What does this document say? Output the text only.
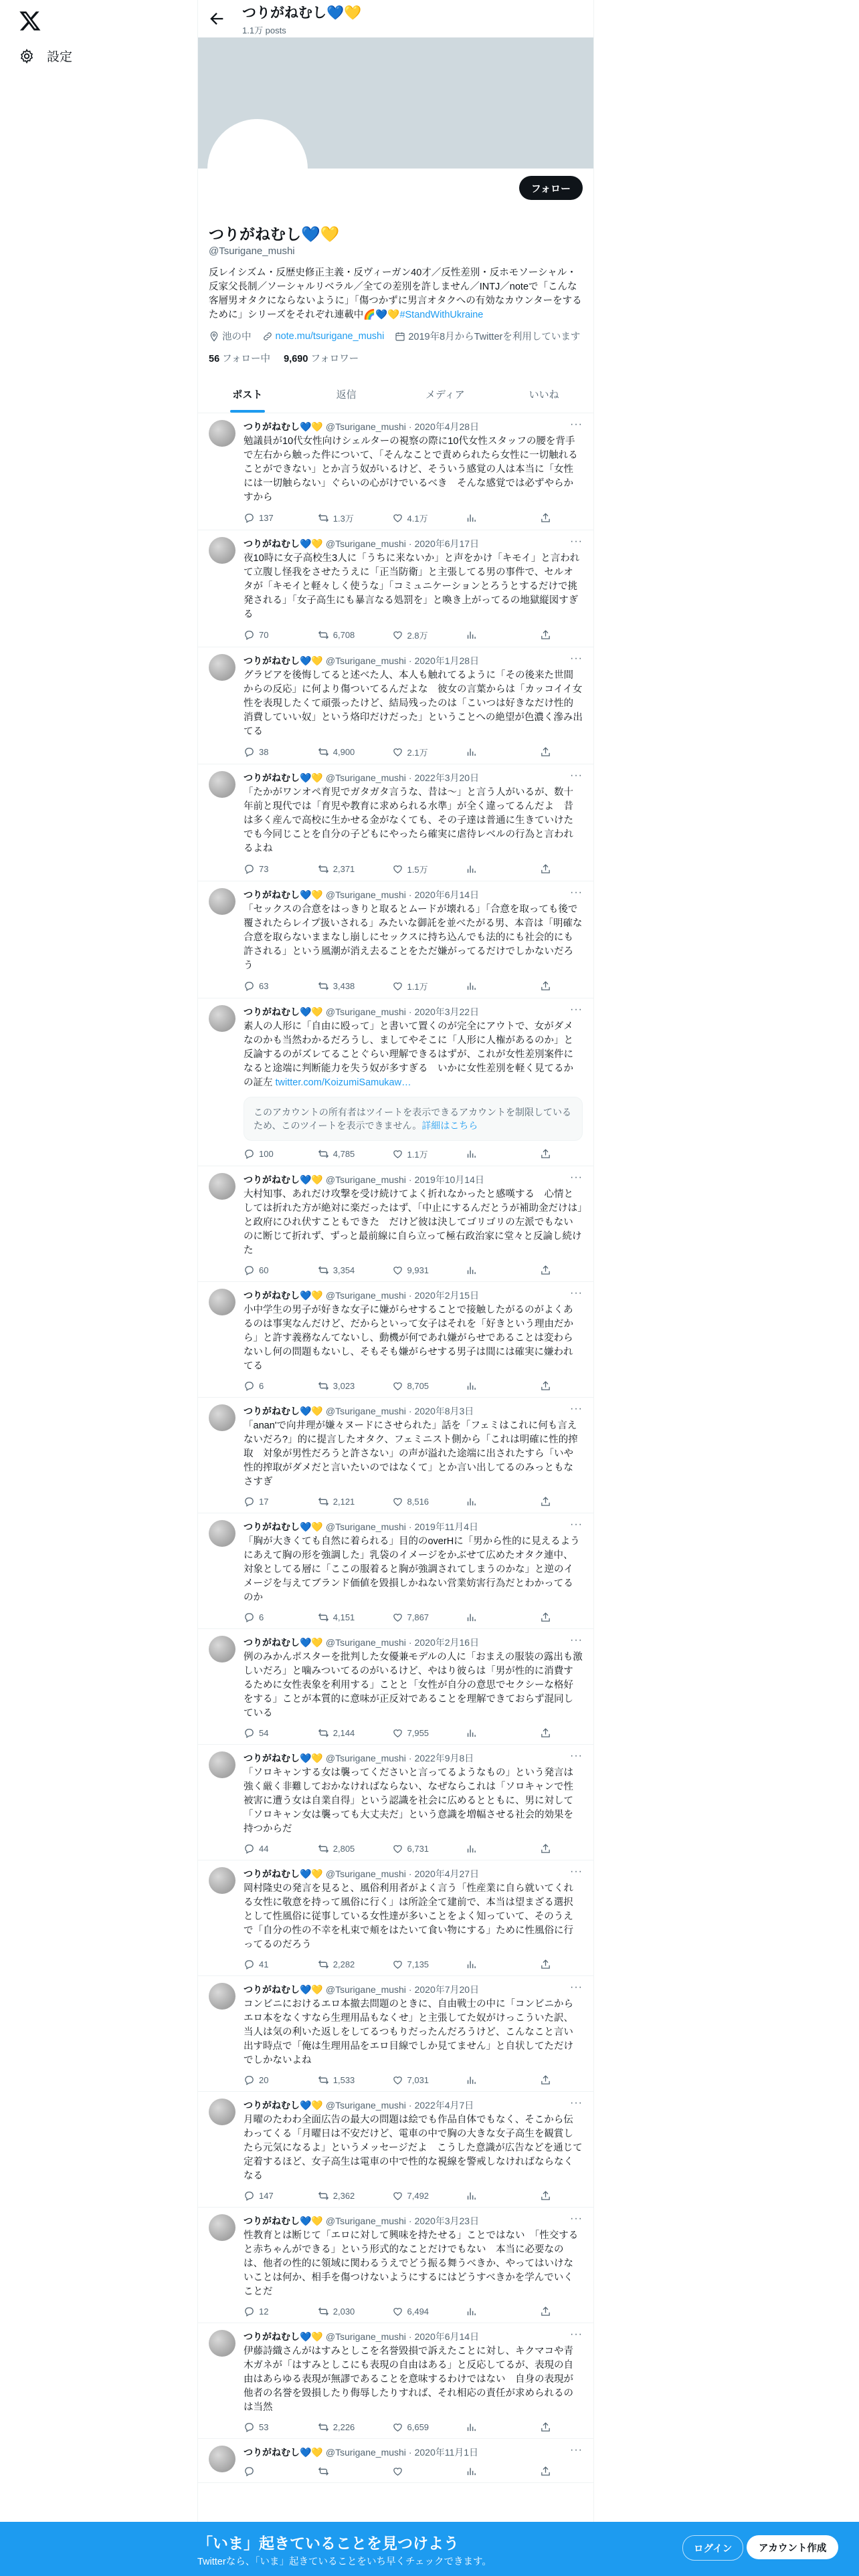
設定
つりがねむし💙💛
1.1万 posts
フォロー
つりがねむし💙💛
@Tsurigane_mushi
反レイシズム・反歴史修正主義・反ヴィーガン40才／反性差別・反ホモソーシャル・反家父長制／ソーシャルリベラル／全ての差別を許しません／INTJ／noteで「こんな客層男オタクにならないように」「傷つかずに男言オタクへの有効なカウンターをするために」シリーズをそれぞれ連載中🌈💙💛#StandWithUkraine
池の中 note.mu/tsurigane_mushi 2019年8月からTwitterを利用しています
56 フォロー中 9,690 フォロワー
ポスト	返信	メディア	いいね
つりがねむし💙💛 @Tsurigane_mushi · 2020年4月28日	···
勉議員が10代女性向けシェルターの視察の際に10代女性スタッフの腰を背手で左右から触った件について、「そんなことで責められたら女性に一切触れることができない」とか言う奴がいるけど、そういう感覚の人は本当に「女性には一切触らない」ぐらいの心がけでいるべき　そんな感覚では必ずやらかすから
137	1.3万	4.1万
つりがねむし💙💛 @Tsurigane_mushi · 2020年6月17日	···
夜10時に女子高校生3人に「うちに来ないか」と声をかけ「キモイ」と言われて立腹し怪我をさせたうえに「正当防衛」と主張してる男の事件で、セルオタが「キモイと軽々しく使うな」「コミュニケーションとろうとするだけで挑発される」「女子高生にも暴言なる処罰を」と喚き上がってるの地獄縦図すぎる
70	6,708	2.8万
つりがねむし💙💛 @Tsurigane_mushi · 2020年1月28日	···
グラビアを後悔してると述べた人、本人も触れてるように「その後来た世間からの反応」に何より傷ついてるんだよな　彼女の言葉からは「カッコイイ女性を表現したくて頑張ったけど、結局残ったのは「こいつは好きなだけ性的消費していい奴」という烙印だけだった」ということへの絶望が色濃く滲み出てる
38	4,900	2.1万
つりがねむし💙💛 @Tsurigane_mushi · 2022年3月20日	···
「たかがワンオペ育児でガタガタ言うな、昔は〜」と言う人がいるが、数十年前と現代では「育児や教育に求められる水準」が全く違ってるんだよ　昔は多く産んで高校に生かせる金がなくても、その子達は普通に生きていけたでも今同じことを自分の子どもにやったら確実に虐待レベルの行為と言われるよね
73	2,371	1.5万
つりがねむし💙💛 @Tsurigane_mushi · 2020年6月14日	···
「セックスの合意をはっきりと取るとムードが壊れる」「合意を取っても後で覆されたらレイプ扱いされる」みたいな御託を並べたがる男、本音は「明確な合意を取らないままなし崩しにセックスに持ち込んでも法的にも社会的にも許される」という風潮が消え去ることをただ嫌がってるだけでしかないだろう
63	3,438	1.1万
つりがねむし💙💛 @Tsurigane_mushi · 2020年3月22日	···
素人の人形に「自由に殴って」と書いて置くのが完全にアウトで、女がダメなのかも当然わかるだろうし、ましてやそこに「人形に人権があるのか」と反論するのがズレてることぐらい理解できるはずが、これが女性差別案件になると途端に判断能力を失う奴が多すぎる　いかに女性差別を軽く見てるかの証左 twitter.com/KoizumiSamukaw…
このアカウントの所有者はツイートを表示できるアカウントを制限しているため、このツイートを表示できません。詳細はこちら
100	4,785	1.1万
つりがねむし💙💛 @Tsurigane_mushi · 2019年10月14日	···
大村知事、あれだけ攻撃を受け続けてよく折れなかったと感嘆する　心情としては折れた方が絶対に楽だったはず、「中止にするんだとうが補助金だけは」と政府にひれ伏すこともできた　だけど彼は決してゴリゴリの左派でもないのに断じて折れず、ずっと最前線に自ら立って極右政治家に堂々と反論し続けた
60	3,354	9,931
つりがねむし💙💛 @Tsurigane_mushi · 2020年2月15日	···
小中学生の男子が好きな女子に嫌がらせすることで接触したがるのがよくあるのは事実なんだけど、だからといって女子はそれを「好きという理由だから」と許す義務なんてないし、動機が何であれ嫌がらせであることは変わらないし何の問題もないし、そもそも嫌がらせする男子は間には確実に嫌われてる
6	3,023	8,705
つりがねむし💙💛 @Tsurigane_mushi · 2020年8月3日	···
「anan'で向井理が嫌々ヌードにさせられた」話を「フェミはこれに何も言えないだろ?」的に提言したオタク、フェミニスト側から「これは明確に性的搾取　対象が男性だろうと許さない」の声が溢れた途端に出されたすら「いや性的搾取がダメだと言いたいのではなくて」とか言い出してるのみっともなさすぎ
17	2,121	8,516
つりがねむし💙💛 @Tsurigane_mushi · 2019年11月4日	···
「胸が大きくても自然に着られる」目的のoverHに「男から性的に見えるようにあえて胸の形を強調した」乳袋のイメージをかぶせて広めたオタク連中、対象としてる層に「ここの服着ると胸が強調されてしまうのかな」と逆のイメージを与えてブランド価値を毀損しかねない営業妨害行為だとわかってるのか
6	4,151	7,867
つりがねむし💙💛 @Tsurigane_mushi · 2020年2月16日	···
例のみかんポスターを批判した女優兼モデルの人に「おまえの服装の露出も激しいだろ」と噛みついてるのがいるけど、やはり彼らは「男が性的に消費するために女性表象を利用する」ことと「女性が自分の意思でセクシーな格好をする」ことが本質的に意味が正反対であることを理解できておらず混同している
54	2,144	7,955
つりがねむし💙💛 @Tsurigane_mushi · 2022年9月8日	···
「ソロキャンする女は襲ってくださいと言ってるようなもの」という発言は強く厳く非難しておかなければならない、なぜならこれは「ソロキャンで性被害に遭う女は自業自得」という認識を社会に広めるとともに、男に対して「ソロキャン女は襲っても大丈夫だ」という意識を増幅させる社会的効果を持つからだ
44	2,805	6,731
つりがねむし💙💛 @Tsurigane_mushi · 2020年4月27日	···
岡村隆史の発言を見ると、風俗利用者がよく言う「性産業に自ら就いてくれる女性に敬意を持って風俗に行く」は所詮全て建前で、本当は望まざる選択として性風俗に従事している女性達が多いことをよく知っていて、そのうえで「自分の性の不幸を札束で頬をはたいて食い物にする」ために性風俗に行ってるのだろう
41	2,282	7,135
つりがねむし💙💛 @Tsurigane_mushi · 2020年7月20日	···
コンビニにおけるエロ本撤去問題のときに、自由戦士の中に「コンビニからエロ本をなくすなら生理用品もなくせ」と主張してた奴がけっこういた訳、当人は気の利いた返しをしてるつもりだったんだろうけど、こんなこと言い出す時点で「俺は生理用品をエロ目線でしか見てません」と自状してただけでしかないよね
20	1,533	7,031
つりがねむし💙💛 @Tsurigane_mushi · 2022年4月7日	···
月曜のたわわ全面広告の最大の問題は絵でも作品自体でもなく、そこから伝わってくる「月曜日は不安だけど、電車の中で胸の大きな女子高生を観賞したら元気になるよ」というメッセージだよ　こうした意識が広告などを通じて定着するほど、女子高生は電車の中で性的な視線を警戒しなければならなくなる
147	2,362	7,492
つりがねむし💙💛 @Tsurigane_mushi · 2020年3月23日	···
性教育とは断じて「エロに対して興味を持たせる」ことではない　「性交すると赤ちゃんができる」という形式的なことだけでもない　本当に必要なのは、他者の性的に領域に関わるうえでどう振る舞うべきか、やってはいけないことは何か、相手を傷つけないようにするにはどうすべきかを学んでいくことだ
12	2,030	6,494
つりがねむし💙💛 @Tsurigane_mushi · 2020年6月14日	···
伊藤詩織さんがはすみとしこを名誉毀損で訴えたことに対し、キクマコや青木ガネが「はすみとしこにも表現の自由はある」と反応してるが、表現の自由はあらゆる表現が無謬であることを意味するわけではない　自身の表現が他者の名誉を毀損したり侮辱したりすれば、それ相応の責任が求められるのは当然
53	2,226	6,659
つりがねむし💙💛 @Tsurigane_mushi · 2020年11月1日	···
「いま」起きていることを見つけよう
Twitterなら、「いま」起きていることをいち早くチェックできます。
ログイン	アカウント作成
